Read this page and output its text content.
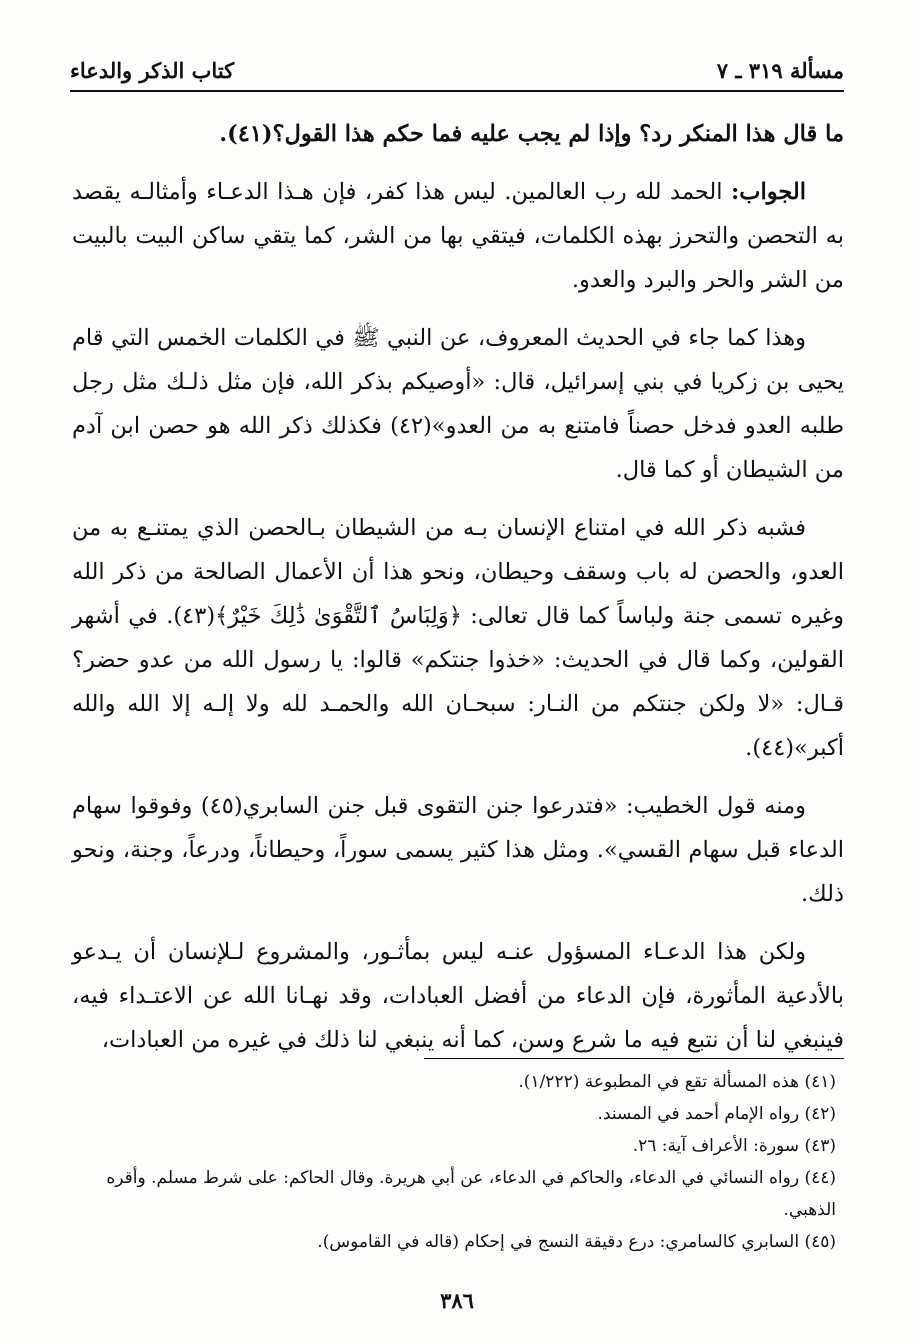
مسألة ٣١٩ ـ ٧
كتاب الذكر والدعاء

ما قال هذا المنكر رد؟ وإذا لم يجب عليه فما حكم هذا القول؟(٤١).

الجواب: الحمد لله رب العالمين. ليس هذا كفر، فإن هـذا الدعـاء وأمثالـه يقصد به التحصن والتحرز بهذه الكلمات، فيتقي بها من الشر، كما يتقي ساكن البيت بالبيت من الشر والحر والبرد والعدو.

وهذا كما جاء في الحديث المعروف، عن النبي ﷺ في الكلمات الخمس التي قام يحيى بن زكريا في بني إسرائيل، قال: «أوصيكم بذكر الله، فإن مثل ذلـك مثل رجل طلبه العدو فدخل حصناً فامتنع به من العدو»(٤٢) فكذلك ذكر الله هو حصن ابن آدم من الشيطان أو كما قال.

فشبه ذكر الله في امتناع الإنسان بـه من الشيطان بـالحصن الذي يمتنـع به من العدو، والحصن له باب وسقف وحيطان، ونحو هذا أن الأعمال الصالحة من ذكر الله وغيره تسمى جنة ولباساً كما قال تعالى: ﴿وَلِبَاسُ ٱلتَّقْوَىٰ ذَٰلِكَ خَيْرٌ﴾(٤٣). في أشهر القولين، وكما قال في الحديث: «خذوا جنتكم» قالوا: يا رسول الله من عدو حضر؟ قـال: «لا ولكن جنتكم من النـار: سبحـان الله والحمـد لله ولا إلـه إلا الله والله أكبر»(٤٤).

ومنه قول الخطيب: «فتدرعوا جنن التقوى قبل جنن السابري(٤٥) وفوقوا سهام الدعاء قبل سهام القسي». ومثل هذا كثير يسمى سوراً، وحيطاناً، ودرعاً، وجنة، ونحو ذلك.

ولكن هذا الدعـاء المسؤول عنـه ليس بمأثـور، والمشروع لـلإنسان أن يـدعو بالأدعية المأثورة، فإن الدعاء من أفضل العبادات، وقد نهـانا الله عن الاعتـداء فيه، فينبغي لنا أن نتبع فيه ما شرع وسن، كما أنه ينبغي لنا ذلك في غيره من العبادات،

(٤١) هذه المسألة تقع في المطبوعة (١/٢٢٢).
(٤٢) رواه الإمام أحمد في المسند.
(٤٣) سورة: الأعراف آية: ٢٦.
(٤٤) رواه النسائي في الدعاء، والحاكم في الدعاء، عن أبي هريرة. وقال الحاكم: على شرط مسلم. وأقره الذهبي.
(٤٥) السابري كالسامري: درع دقيقة النسج في إحكام (قاله في القاموس).
٣٨٦
